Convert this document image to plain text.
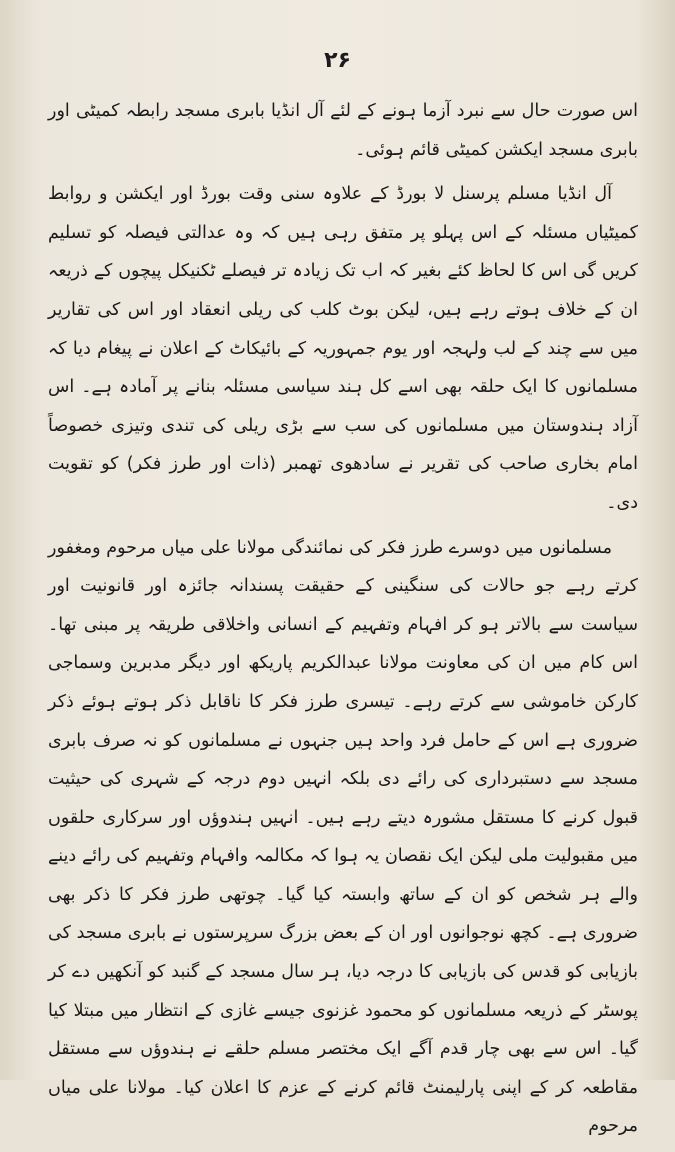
۲۶

اس صورت حال سے نبرد آزما ہونے کے لئے آل انڈیا بابری مسجد رابطہ کمیٹی اور بابری مسجد ایکشن کمیٹی قائم ہوئی۔

آل انڈیا مسلم پرسنل لا بورڈ کے علاوہ سنی وقت بورڈ اور ایکشن و روابط کمیٹیاں مسئلہ کے اس پہلو پر متفق رہی ہیں کہ وہ عدالتی فیصلہ کو تسلیم کریں گی اس کا لحاظ کئے بغیر کہ اب تک زیادہ تر فیصلے ٹکنیکل پیچوں کے ذریعہ ان کے خلاف ہوتے رہے ہیں، لیکن بوٹ کلب کی ریلی انعقاد اور اس کی تقاریر میں سے چند کے لب ولہجہ اور یوم جمہوریہ کے بائیکاٹ کے اعلان نے پیغام دیا کہ مسلمانوں کا ایک حلقہ بھی اسے کل ہند سیاسی مسئلہ بنانے پر آمادہ ہے۔ اس آزاد ہندوستان میں مسلمانوں کی سب سے بڑی ریلی کی تندی وتیزی خصوصاً امام بخاری صاحب کی تقریر نے سادھوی تھمبر (ذات اور طرز فکر) کو تقویت دی۔

مسلمانوں میں دوسرے طرز فکر کی نمائندگی مولانا علی میاں مرحوم ومغفور کرتے رہے جو حالات کی سنگینی کے حقیقت پسندانہ جائزہ اور قانونیت اور سیاست سے بالاتر ہو کر افہام وتفہیم کے انسانی واخلاقی طریقہ پر مبنی تھا۔ اس کام میں ان کی معاونت مولانا عبدالکریم پاریکھ اور دیگر مدبرین وسماجی کارکن خاموشی سے کرتے رہے۔ تیسری طرز فکر کا ناقابل ذکر ہوتے ہوئے ذکر ضروری ہے اس کے حامل فرد واحد ہیں جنہوں نے مسلمانوں کو نہ صرف بابری مسجد سے دستبرداری کی رائے دی بلکہ انہیں دوم درجہ کے شہری کی حیثیت قبول کرنے کا مستقل مشورہ دیتے رہے ہیں۔ انہیں ہندوؤں اور سرکاری حلقوں میں مقبولیت ملی لیکن ایک نقصان یہ ہوا کہ مکالمہ وافہام وتفہیم کی رائے دینے والے ہر شخص کو ان کے ساتھ وابستہ کیا گیا۔ چوتھی طرز فکر کا ذکر بھی ضروری ہے۔ کچھ نوجوانوں اور ان کے بعض بزرگ سرپرستوں نے بابری مسجد کی بازیابی کو قدس کی بازیابی کا درجہ دیا، ہر سال مسجد کے گنبد کو آنکھیں دے کر پوسٹر کے ذریعہ مسلمانوں کو محمود غزنوی جیسے غازی کے انتظار میں مبتلا کیا گیا۔ اس سے بھی چار قدم آگے ایک مختصر مسلم حلقے نے ہندوؤں سے مستقل مقاطعہ کر کے اپنی پارلیمنٹ قائم کرنے کے عزم کا اعلان کیا۔ مولانا علی میاں مرحوم
